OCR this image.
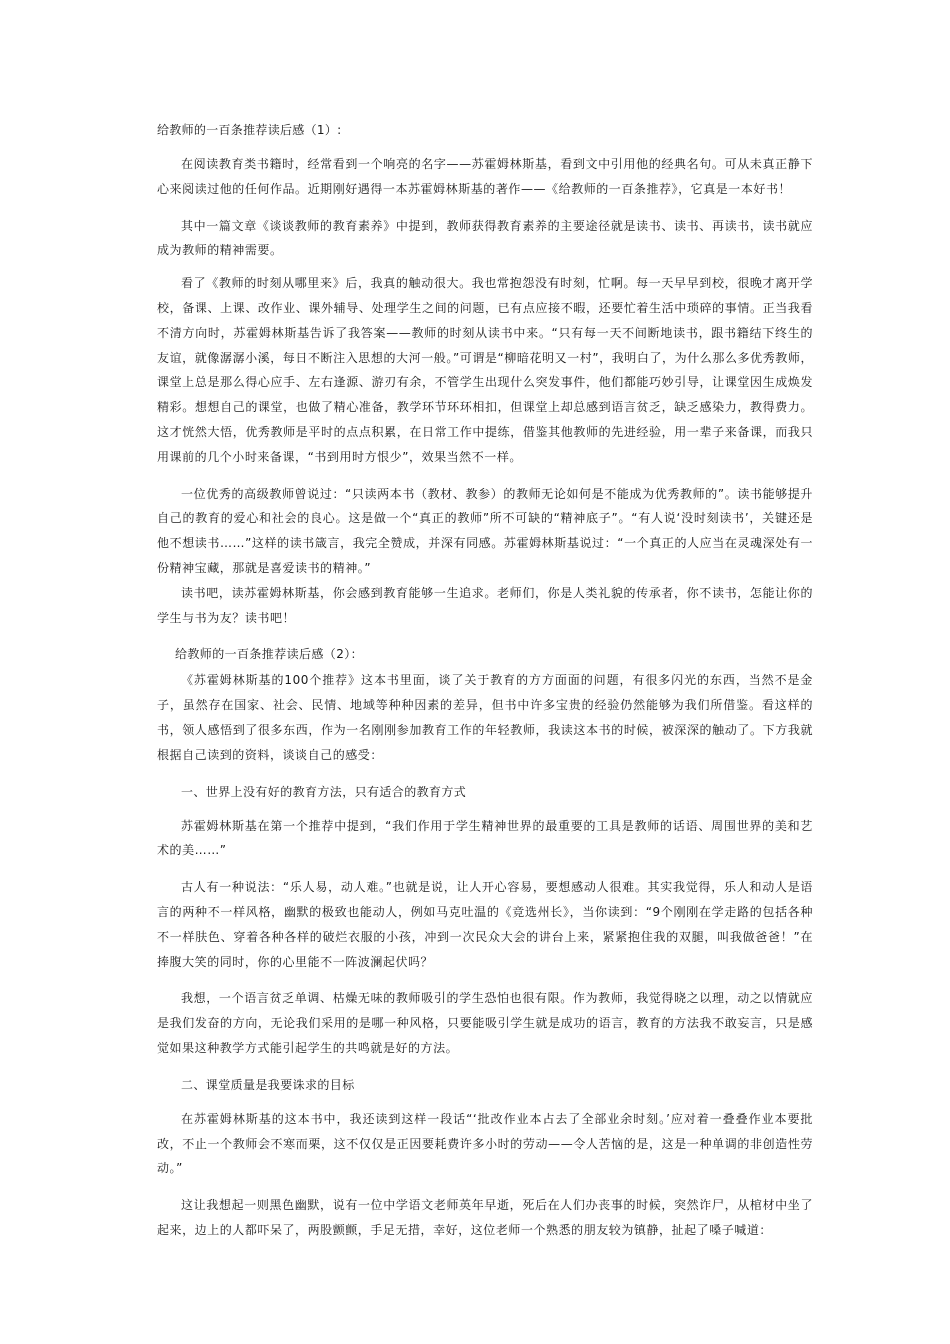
给教师的一百条推荐读后感（1）:

在阅读教育类书籍时，经常看到一个响亮的名字——苏霍姆林斯基，看到文中引用他的经典名句。可从未真正静下心来阅读过他的任何作品。近期刚好遇得一本苏霍姆林斯基的著作——《给教师的一百条推荐》，它真是一本好书！

其中一篇文章《谈谈教师的教育素养》中提到，教师获得教育素养的主要途径就是读书、读书、再读书，读书就应成为教师的精神需要。

看了《教师的时刻从哪里来》后，我真的触动很大。我也常抱怨没有时刻，忙啊。每一天早早到校，很晚才离开学校，备课、上课、改作业、课外辅导、处理学生之间的问题，已有点应接不暇，还要忙着生活中琐碎的事情。正当我看不清方向时，苏霍姆林斯基告诉了我答案——教师的时刻从读书中来。“只有每一天不间断地读书，跟书籍结下终生的友谊，就像潺潺小溪，每日不断注入思想的大河一般。”可谓是“柳暗花明又一村”，我明白了，为什么那么多优秀教师，课堂上总是那么得心应手、左右逢源、游刃有余，不管学生出现什么突发事件，他们都能巧妙引导，让课堂因生成焕发精彩。想想自己的课堂，也做了精心准备，教学环节环环相扣，但课堂上却总感到语言贫乏，缺乏感染力，教得费力。这才恍然大悟，优秀教师是平时的点点积累，在日常工作中提练，借鉴其他教师的先进经验，用一辈子来备课，而我只用课前的几个小时来备课，“书到用时方恨少”，效果当然不一样。

一位优秀的高级教师曾说过：“只读两本书（教材、教参）的教师无论如何是不能成为优秀教师的”。读书能够提升自己的教育的爱心和社会的良心。这是做一个“真正的教师”所不可缺的“精神底子”。“有人说‘没时刻读书’，关键还是他不想读书……”这样的读书箴言，我完全赞成，并深有同感。苏霍姆林斯基说过：“一个真正的人应当在灵魂深处有一份精神宝藏，那就是喜爱读书的精神。”

读书吧，读苏霍姆林斯基，你会感到教育能够一生追求。老师们，你是人类礼貌的传承者，你不读书，怎能让你的学生与书为友？读书吧！

给教师的一百条推荐读后感（2）：

《苏霍姆林斯基的100个推荐》这本书里面，谈了关于教育的方方面面的问题，有很多闪光的东西，当然不是金子，虽然存在国家、社会、民情、地域等种种因素的差异，但书中许多宝贵的经验仍然能够为我们所借鉴。看这样的书，领人感悟到了很多东西，作为一名刚刚参加教育工作的年轻教师，我读这本书的时候，被深深的触动了。下方我就根据自己读到的资料，谈谈自己的感受：

一、世界上没有好的教育方法，只有适合的教育方式

苏霍姆林斯基在第一个推荐中提到，“我们作用于学生精神世界的最重要的工具是教师的话语、周围世界的美和艺术的美……”

古人有一种说法：“乐人易，动人难。”也就是说，让人开心容易，要想感动人很难。其实我觉得，乐人和动人是语言的两种不一样风格，幽默的极致也能动人，例如马克吐温的《竞选州长》，当你读到：“9个刚刚在学走路的包括各种不一样肤色、穿着各种各样的破烂衣服的小孩，冲到一次民众大会的讲台上来，紧紧抱住我的双腿，叫我做爸爸！”在捧腹大笑的同时，你的心里能不一阵波澜起伏吗？

我想，一个语言贫乏单调、枯燥无味的教师吸引的学生恐怕也很有限。作为教师，我觉得晓之以理，动之以情就应是我们发奋的方向，无论我们采用的是哪一种风格，只要能吸引学生就是成功的语言，教育的方法我不敢妄言，只是感觉如果这种教学方式能引起学生的共鸣就是好的方法。

二、课堂质量是我要诛求的目标

在苏霍姆林斯基的这本书中，我还读到这样一段话“‘批改作业本占去了全部业余时刻。’应对着一叠叠作业本要批改，不止一个教师会不寒而栗，这不仅仅是正因要耗费许多小时的劳动——令人苦恼的是，这是一种单调的非创造性劳动。”

这让我想起一则黑色幽默，说有一位中学语文老师英年早逝，死后在人们办丧事的时候，突然诈尸，从棺材中坐了起来，边上的人都吓呆了，两股颤颤，手足无措，幸好，这位老师一个熟悉的朋友较为镇静，扯起了嗓子喊道：
